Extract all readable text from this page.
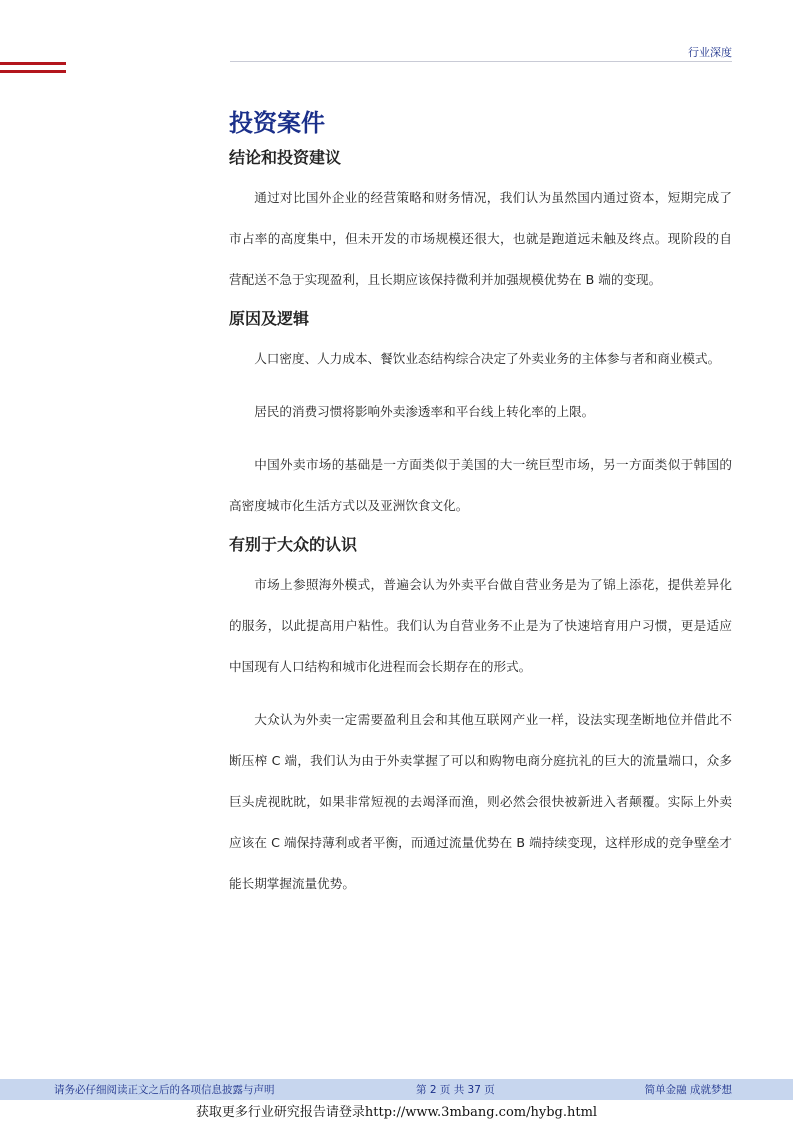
行业深度
投资案件
结论和投资建议

通过对比国外企业的经营策略和财务情况，我们认为虽然国内通过资本，短期完成了市占率的高度集中，但未开发的市场规模还很大，也就是跑道远未触及终点。现阶段的自营配送不急于实现盈利，且长期应该保持微利并加强规模优势在 B 端的变现。

原因及逻辑

人口密度、人力成本、餐饮业态结构综合决定了外卖业务的主体参与者和商业模式。

居民的消费习惯将影响外卖渗透率和平台线上转化率的上限。

中国外卖市场的基础是一方面类似于美国的大一统巨型市场，另一方面类似于韩国的高密度城市化生活方式以及亚洲饮食文化。

有别于大众的认识

市场上参照海外模式，普遍会认为外卖平台做自营业务是为了锦上添花，提供差异化的服务，以此提高用户粘性。我们认为自营业务不止是为了快速培育用户习惯，更是适应中国现有人口结构和城市化进程而会长期存在的形式。

大众认为外卖一定需要盈利且会和其他互联网产业一样，设法实现垄断地位并借此不断压榨 C 端，我们认为由于外卖掌握了可以和购物电商分庭抗礼的巨大的流量端口，众多巨头虎视眈眈，如果非常短视的去竭泽而渔，则必然会很快被新进入者颠覆。实际上外卖应该在 C 端保持薄利或者平衡，而通过流量优势在 B 端持续变现，这样形成的竞争壁垒才能长期掌握流量优势。

请务必仔细阅读正文之后的各项信息披露与声明	第 2 页 共 37 页	简单金融 成就梦想
获取更多行业研究报告请登录http://www.3mbang.com/hybg.html
